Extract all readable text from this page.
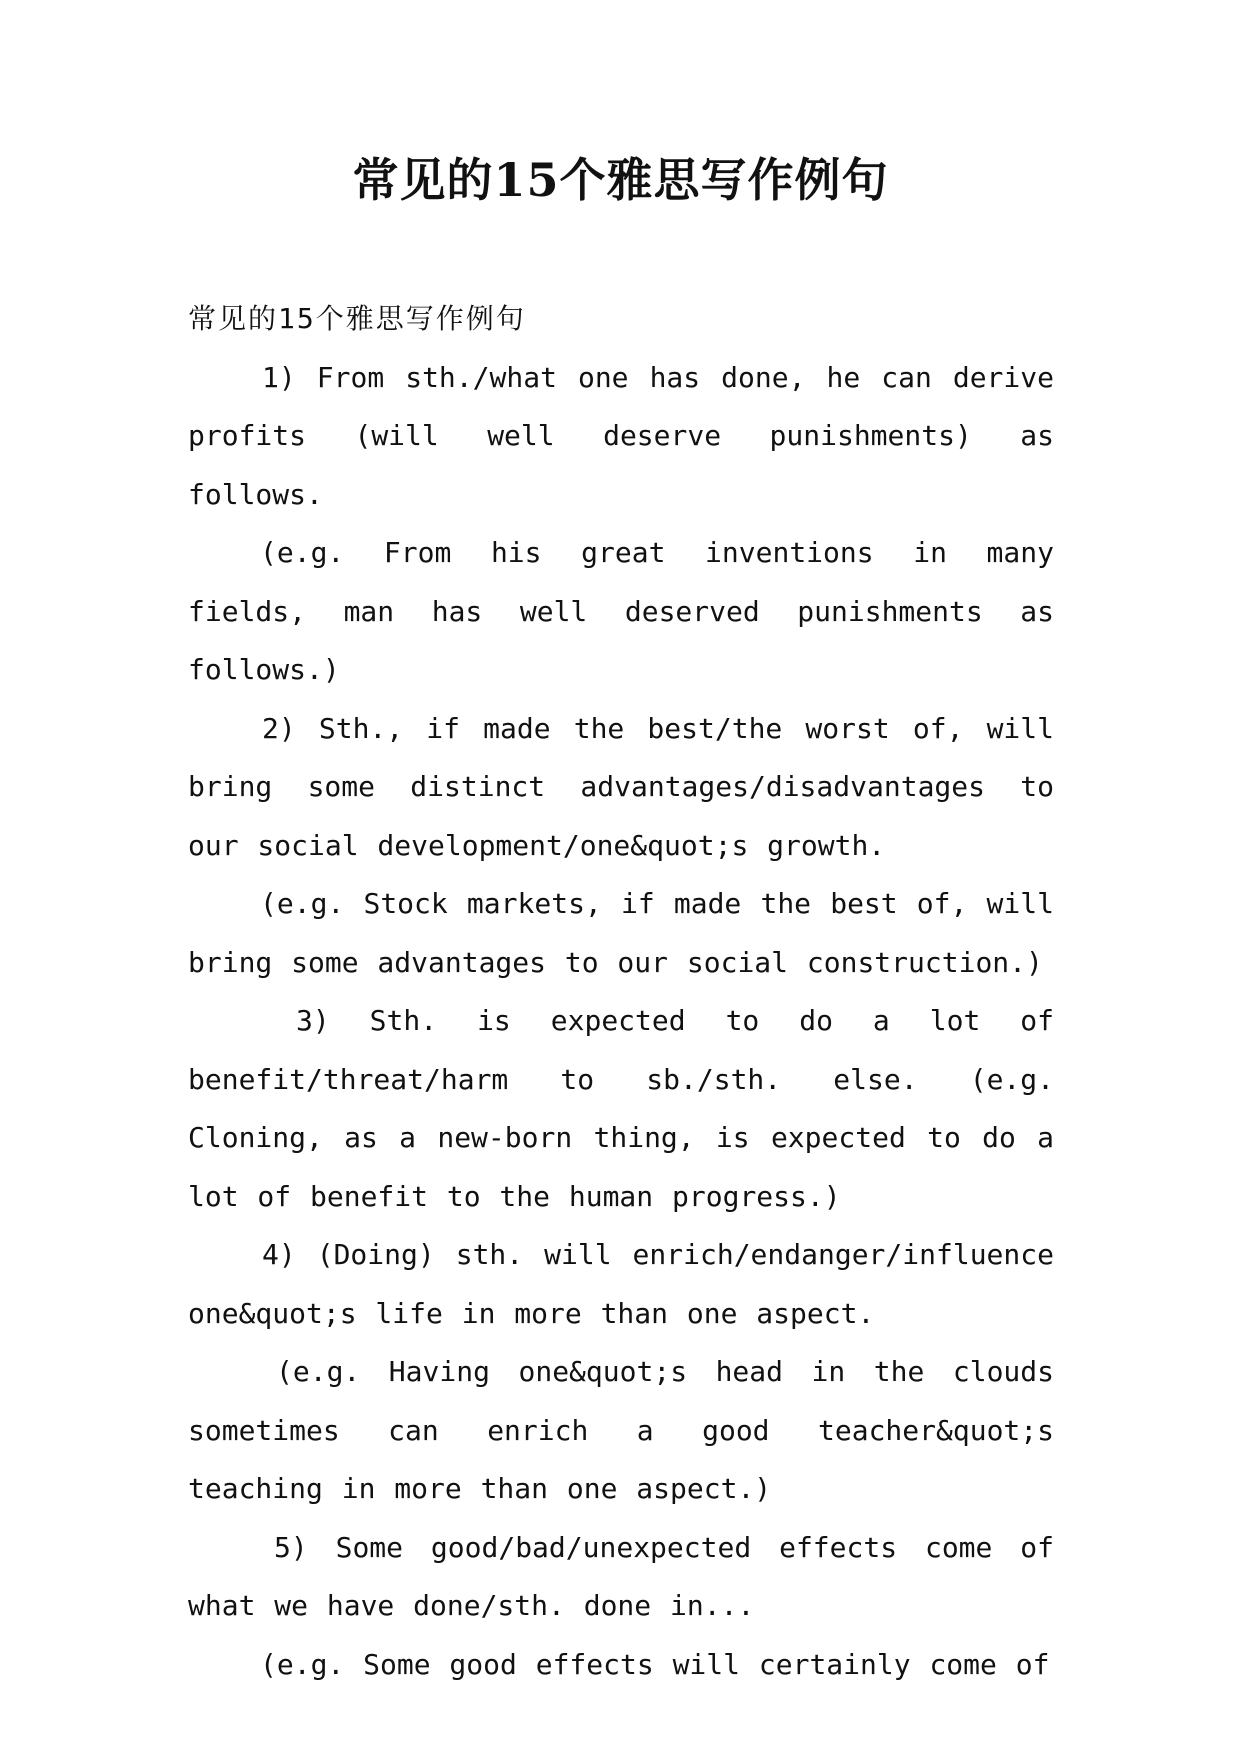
常见的15个雅思写作例句

常见的15个雅思写作例句

1) From sth./what one has done, he can derive profits (will well deserve punishments) as follows.

(e.g. From his great inventions in many fields, man has well deserved punishments as follows.)

2) Sth., if made the best/the worst of, will bring some distinct advantages/disadvantages to our social development/one&quot;s growth.

(e.g. Stock markets, if made the best of, will bring some advantages to our social construction.)

3) Sth. is expected to do a lot of benefit/threat/harm to sb./sth. else. (e.g. Cloning, as a new-born thing, is expected to do a lot of benefit to the human progress.)

4) (Doing) sth. will enrich/endanger/influence one&quot;s life in more than one aspect.

(e.g. Having one&quot;s head in the clouds sometimes can enrich a good teacher&quot;s teaching in more than one aspect.)

5) Some good/bad/unexpected effects come of what we have done/sth. done in...

(e.g. Some good effects will certainly come of
